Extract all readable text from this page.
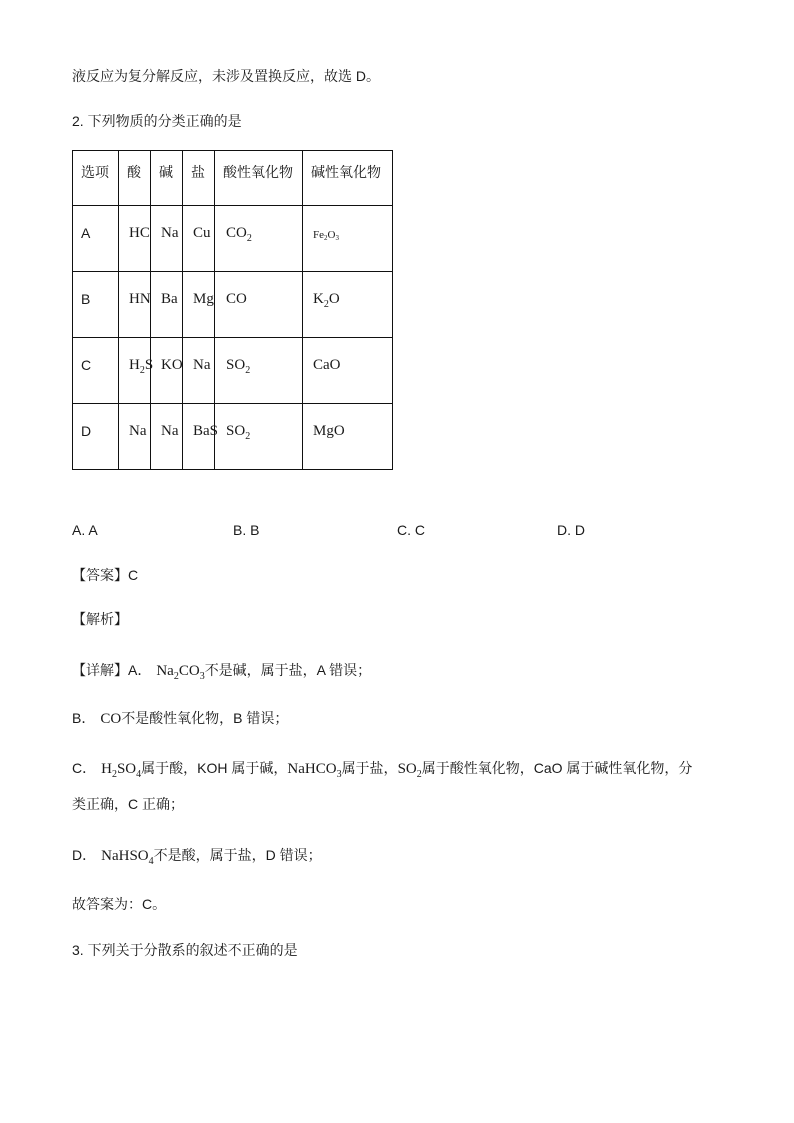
液反应为复分解反应，未涉及置换反应，故选 D。
2. 下列物质的分类正确的是
选项	酸	碱	盐	酸性氧化物	碱性氧化物
A	HC	Na	Cu	$CO_2$	$Fe_2O_3$
B	HN	Ba	Mg	CO	$K_2O$
C	$H_2S$	KO	Na	$SO_2$	CaO
D	Na	Na	BaS	$SO_2$	MgO
A. A	B. B	C. C	D. D
【答案】C
【解析】
【详解】A． $Na_2CO_3$不是碱，属于盐，A 错误；
B． CO不是酸性氧化物，B 错误；
C． $H_2SO_4$属于酸，KOH 属于碱，NaHCO$_3$属于盐，$SO_2$属于酸性氧化物，CaO 属于碱性氧化物，分
类正确，C 正确；
D． NaHSO$_4$不是酸，属于盐，D 错误；
故答案为：C。
3. 下列关于分散系的叙述不正确的是
